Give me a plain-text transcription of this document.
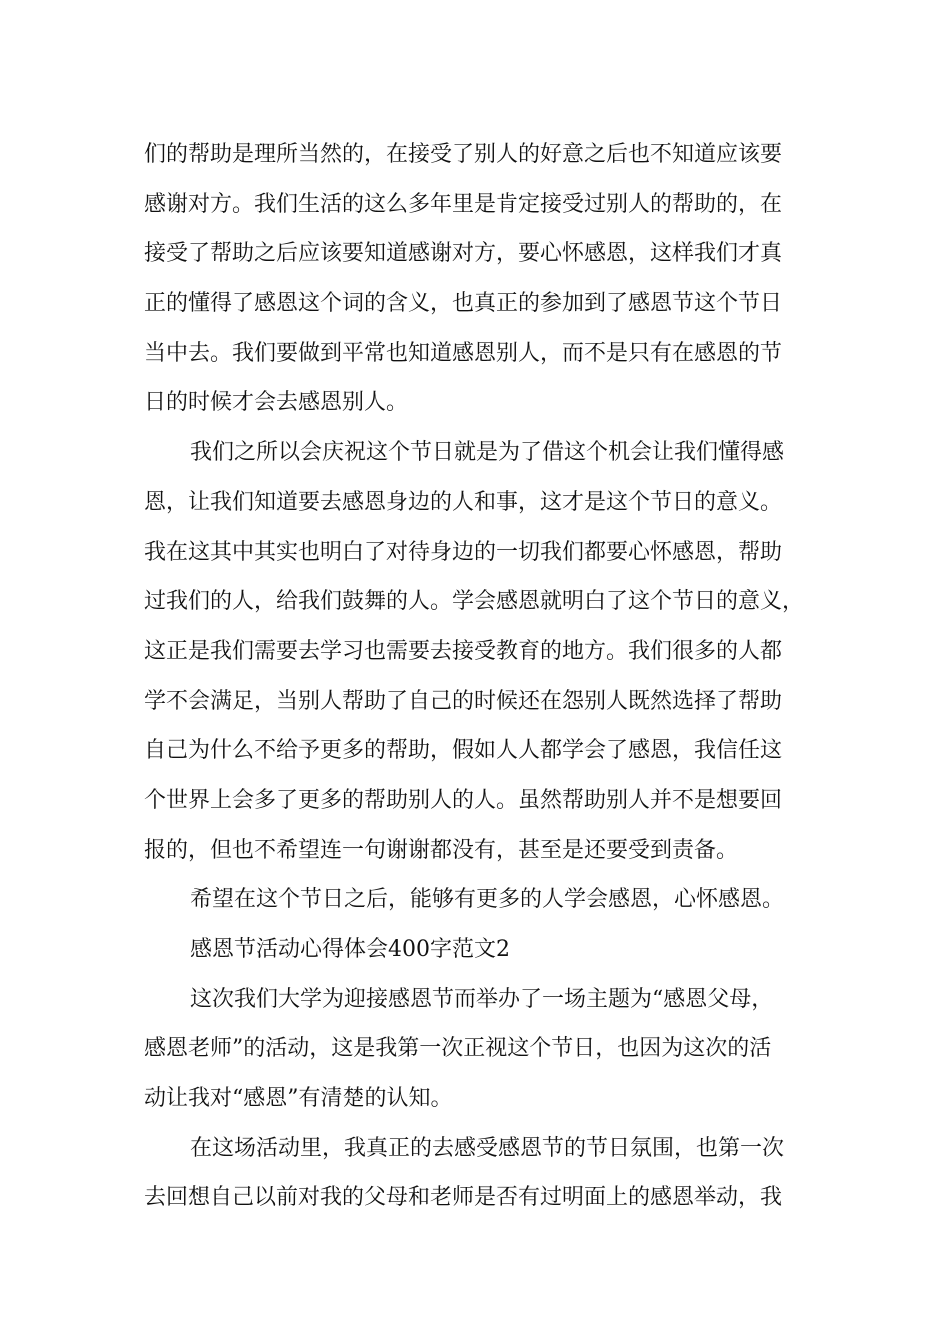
们的帮助是理所当然的，在接受了别人的好意之后也不知道应该要
感谢对方。我们生活的这么多年里是肯定接受过别人的帮助的，在
接受了帮助之后应该要知道感谢对方，要心怀感恩，这样我们才真
正的懂得了感恩这个词的含义，也真正的参加到了感恩节这个节日
当中去。我们要做到平常也知道感恩别人，而不是只有在感恩的节
日的时候才会去感恩别人。
我们之所以会庆祝这个节日就是为了借这个机会让我们懂得感
恩，让我们知道要去感恩身边的人和事，这才是这个节日的意义。
我在这其中其实也明白了对待身边的一切我们都要心怀感恩，帮助
过我们的人，给我们鼓舞的人。学会感恩就明白了这个节日的意义，
这正是我们需要去学习也需要去接受教育的地方。我们很多的人都
学不会满足，当别人帮助了自己的时候还在怨别人既然选择了帮助
自己为什么不给予更多的帮助，假如人人都学会了感恩，我信任这
个世界上会多了更多的帮助别人的人。虽然帮助别人并不是想要回
报的，但也不希望连一句谢谢都没有，甚至是还要受到责备。
希望在这个节日之后，能够有更多的人学会感恩，心怀感恩。
感恩节活动心得体会400字范文2
这次我们大学为迎接感恩节而举办了一场主题为“感恩父母，
感恩老师”的活动，这是我第一次正视这个节日，也因为这次的活
动让我对“感恩”有清楚的认知。
在这场活动里，我真正的去感受感恩节的节日氛围，也第一次
去回想自己以前对我的父母和老师是否有过明面上的感恩举动，我
